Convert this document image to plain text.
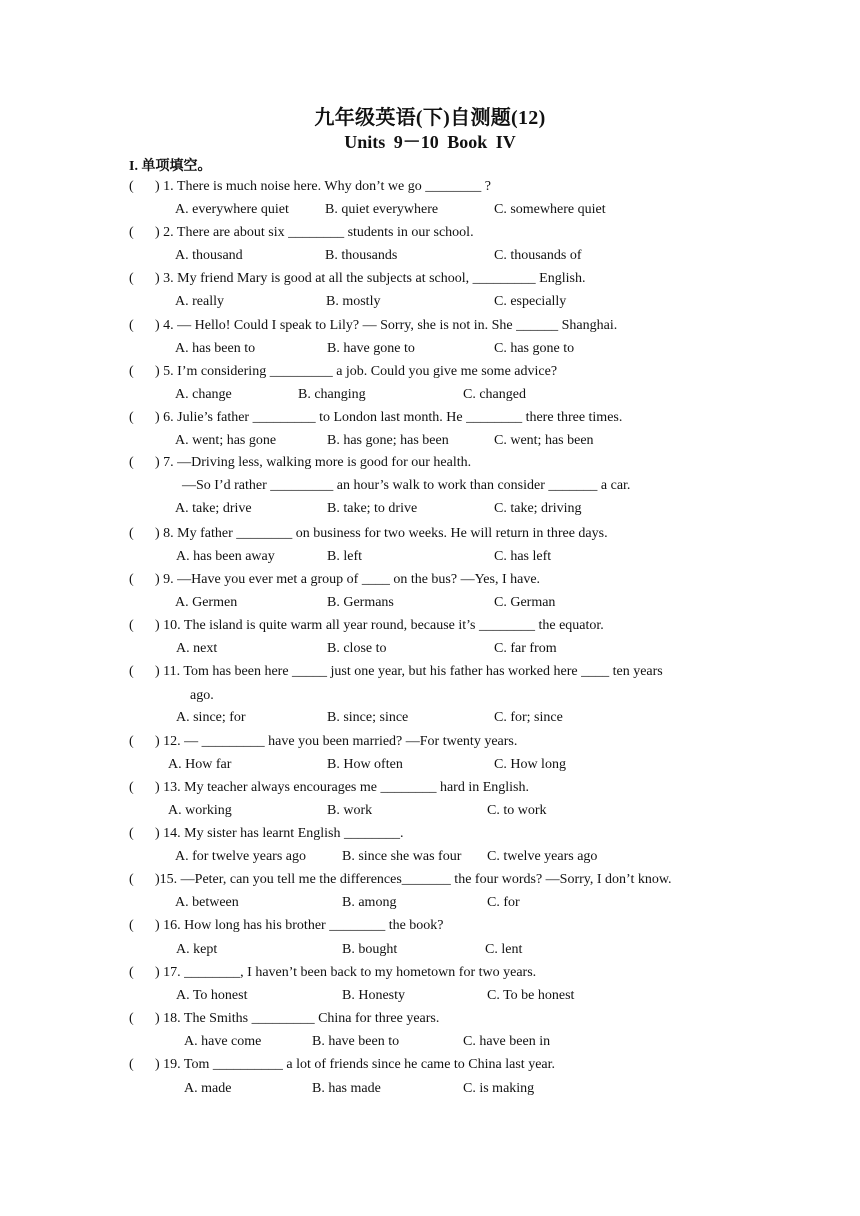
九年级英语(下)自测题(12)
Units 9－10 Book IV
I. 单项填空。
( ) 1. There is much noise here. Why don’t we go ________ ?
A. everywhere quiet	B. quiet everywhere	C. somewhere quiet
( ) 2. There are about six ________ students in our school.
A. thousand	B. thousands	C. thousands of
( ) 3. My friend Mary is good at all the subjects at school, _________ English.
A. really	B. mostly	C. especially
( ) 4. — Hello! Could I speak to Lily? — Sorry, she is not in. She ______ Shanghai.
A. has been to	B. have gone to	C. has gone to
( ) 5. I’m considering _________ a job. Could you give me some advice?
A. change	B. changing	C. changed
( ) 6. Julie’s father _________ to London last month. He ________ there three times.
A. went; has gone	B. has gone; has been	C. went; has been
( ) 7. —Driving less, walking more is good for our health.
—So I’d rather _________ an hour’s walk to work than consider _______ a car.
A. take; drive	B. take; to drive	C. take; driving
( ) 8. My father ________ on business for two weeks. He will return in three days.
A. has been away	B. left	C. has left
( ) 9. —Have you ever met a group of ____ on the bus? —Yes, I have.
A. Germen	B. Germans	C. German
( ) 10. The island is quite warm all year round, because it’s ________ the equator.
A. next	B. close to	C. far from
( ) 11. Tom has been here _____ just one year, but his father has worked here ____ ten years
ago.
A. since; for	B. since; since	C. for; since
( ) 12. — _________ have you been married? —For twenty years.
A. How far	B. How often	C. How long
( ) 13. My teacher always encourages me ________ hard in English.
A. working	B. work	C. to work
( ) 14. My sister has learnt English ________.
A. for twelve years ago	B. since she was four C. twelve years ago
( )15. —Peter, can you tell me the differences_______ the four words? —Sorry, I don’t know.
A. between	B. among	C. for
( ) 16. How long has his brother ________ the book?
A. kept	B. bought	C. lent
( ) 17. ________, I haven’t been back to my hometown for two years.
A. To honest	B. Honesty	C. To be honest
( ) 18. The Smiths _________ China for three years.
A. have come	B. have been to	C. have been in
( ) 19. Tom __________ a lot of friends since he came to China last year.
A. made	B. has made	C. is making
